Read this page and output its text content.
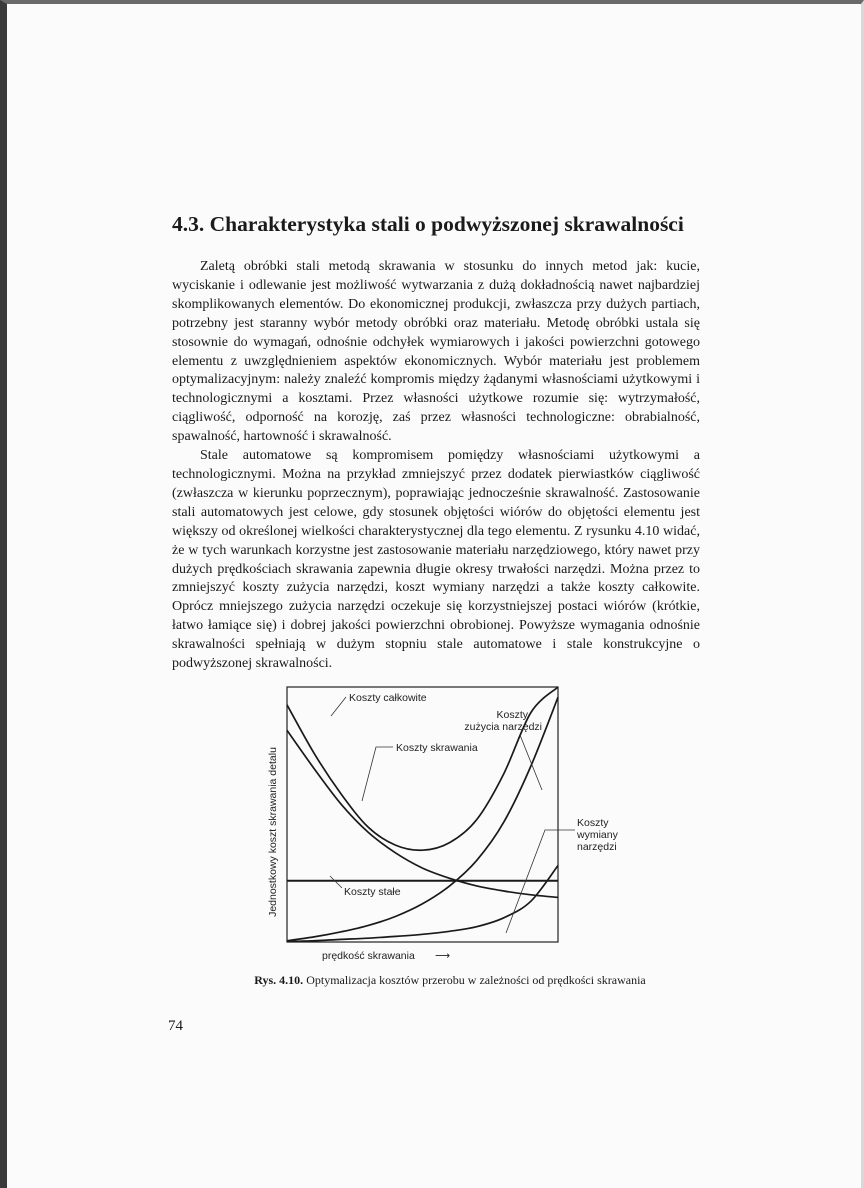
4.3. Charakterystyka stali o podwyższonej skrawalności

Zaletą obróbki stali metodą skrawania w stosunku do innych metod jak: kucie, wyciskanie i odlewanie jest możliwość wytwarzania z dużą dokładnością nawet najbardziej skomplikowanych elementów. Do ekonomicznej produkcji, zwłaszcza przy dużych partiach, potrzebny jest staranny wybór metody obróbki oraz materiału. Metodę obróbki ustala się stosownie do wymagań, odnośnie odchyłek wymiarowych i jakości powierzchni gotowego elementu z uwzględnieniem aspektów ekonomicznych. Wybór materiału jest problemem optymalizacyjnym: należy znaleźć kompromis między żądanymi własnościami użytkowymi i technologicznymi a kosztami. Przez własności użytkowe rozumie się: wytrzymałość, ciągliwość, odporność na korozję, zaś przez własności technologiczne: obrabialność, spawalność, hartowność i skrawalność.

Stale automatowe są kompromisem pomiędzy własnościami użytkowymi a technologicznymi. Można na przykład zmniejszyć przez dodatek pierwiastków ciągliwość (zwłaszcza w kierunku poprzecznym), poprawiając jednocześnie skrawalność. Zastosowanie stali automatowych jest celowe, gdy stosunek objętości wiórów do objętości elementu jest większy od określonej wielkości charakterystycznej dla tego elementu. Z rysunku 4.10 widać, że w tych warunkach korzystne jest zastosowanie materiału narzędziowego, który nawet przy dużych prędkościach skrawania zapewnia długie okresy trwałości narzędzi. Można przez to zmniejszyć koszty zużycia narzędzi, koszt wymiany narzędzi a także koszty całkowite. Oprócz mniejszego zużycia narzędzi oczekuje się korzystniejszej postaci wiórów (krótkie, łatwo łamiące się) i dobrej jakości powierzchni obrobionej. Powyższe wymagania odnośnie skrawalności spełniają w dużym stopniu stale automatowe i stale konstrukcyjne o podwyższonej skrawalności.

Koszty całkowite
Koszty
zużycia narzędzi
Koszty skrawania
Koszty
wymiany
narzędzi
Koszty stałe
prędkość skrawania ⟶
Jednostkowy koszt skrawania detalu
Rys. 4.10. Optymalizacja kosztów przerobu w zależności od prędkości skrawania
74
